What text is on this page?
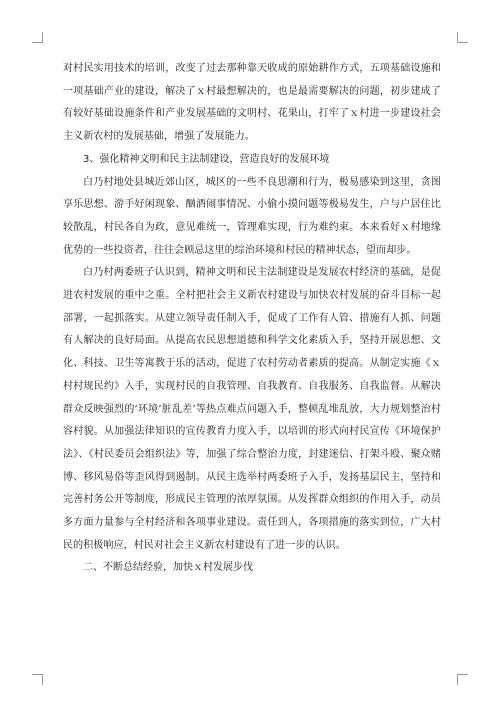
对村民实用技术的培训，改变了过去那种靠天收成的原始耕作方式，五项基础设施和一项基础产业的建设，解决了ｘ村最想解决的，也是最需要解决的问题，初步建成了有较好基础设施条件和产业发展基础的文明村、花果山，打牢了ｘ村进一步建设社会主义新农村的发展基础，增强了发展能力。

3、强化精神文明和民主法制建设，营造良好的发展环境

白乃村地处县城近郊山区，城区的一些不良思潮和行为，极易感染到这里，贪图享乐思想、游手好闲现象、酗酒闹事情况、小偷小摸问题等极易发生，户与户居住比较散乱，村民各自为政，意见难统一，管理难实现，行为难约束。本来看好ｘ村地缘优势的一些投资者，往往会顾忌这里的综治环境和村民的精神状态，望而却步。

白乃村两委班子认识到，精神文明和民主法制建设是发展农村经济的基础，是促进农村发展的重中之重。全村把社会主义新农村建设与加快农村发展的奋斗目标一起部署，一起抓落实。从建立领导责任制入手，促成了工作有人管、措施有人抓、问题有人解决的良好局面。从提高农民思想道德和科学文化素质入手，坚持开展思想、文化、科技、卫生等寓教于乐的活动，促进了农村劳动者素质的提高。从制定实施《ｘ村村规民约》入手，实现村民的自我管理、自我教育、自我服务、自我监督。从解决群众反映强烈的‘环境’脏乱差’等热点难点问题入手，整顿乱堆乱放，大力规划整治村容村貌。从加强法律知识的宣传教育力度入手，以培训的形式向村民宣传《环境保护法》、《村民委员会组织法》等，加强了综合整治力度，封建迷信、打架斗殴、聚众赌博、移风易俗等歪风得到遏制。从民主选举村两委班子入手，发扬基层民主，坚持和完善村务公开等制度，形成民主管理的浓厚氛围。从发挥群众组织的作用入手，动员多方面力量参与全村经济和各项事业建设。责任到人，各项措施的落实到位，广大村民的积极响应，村民对社会主义新农村建设有了进一步的认识。

二、不断总结经验，加快ｘ村发展步伐
